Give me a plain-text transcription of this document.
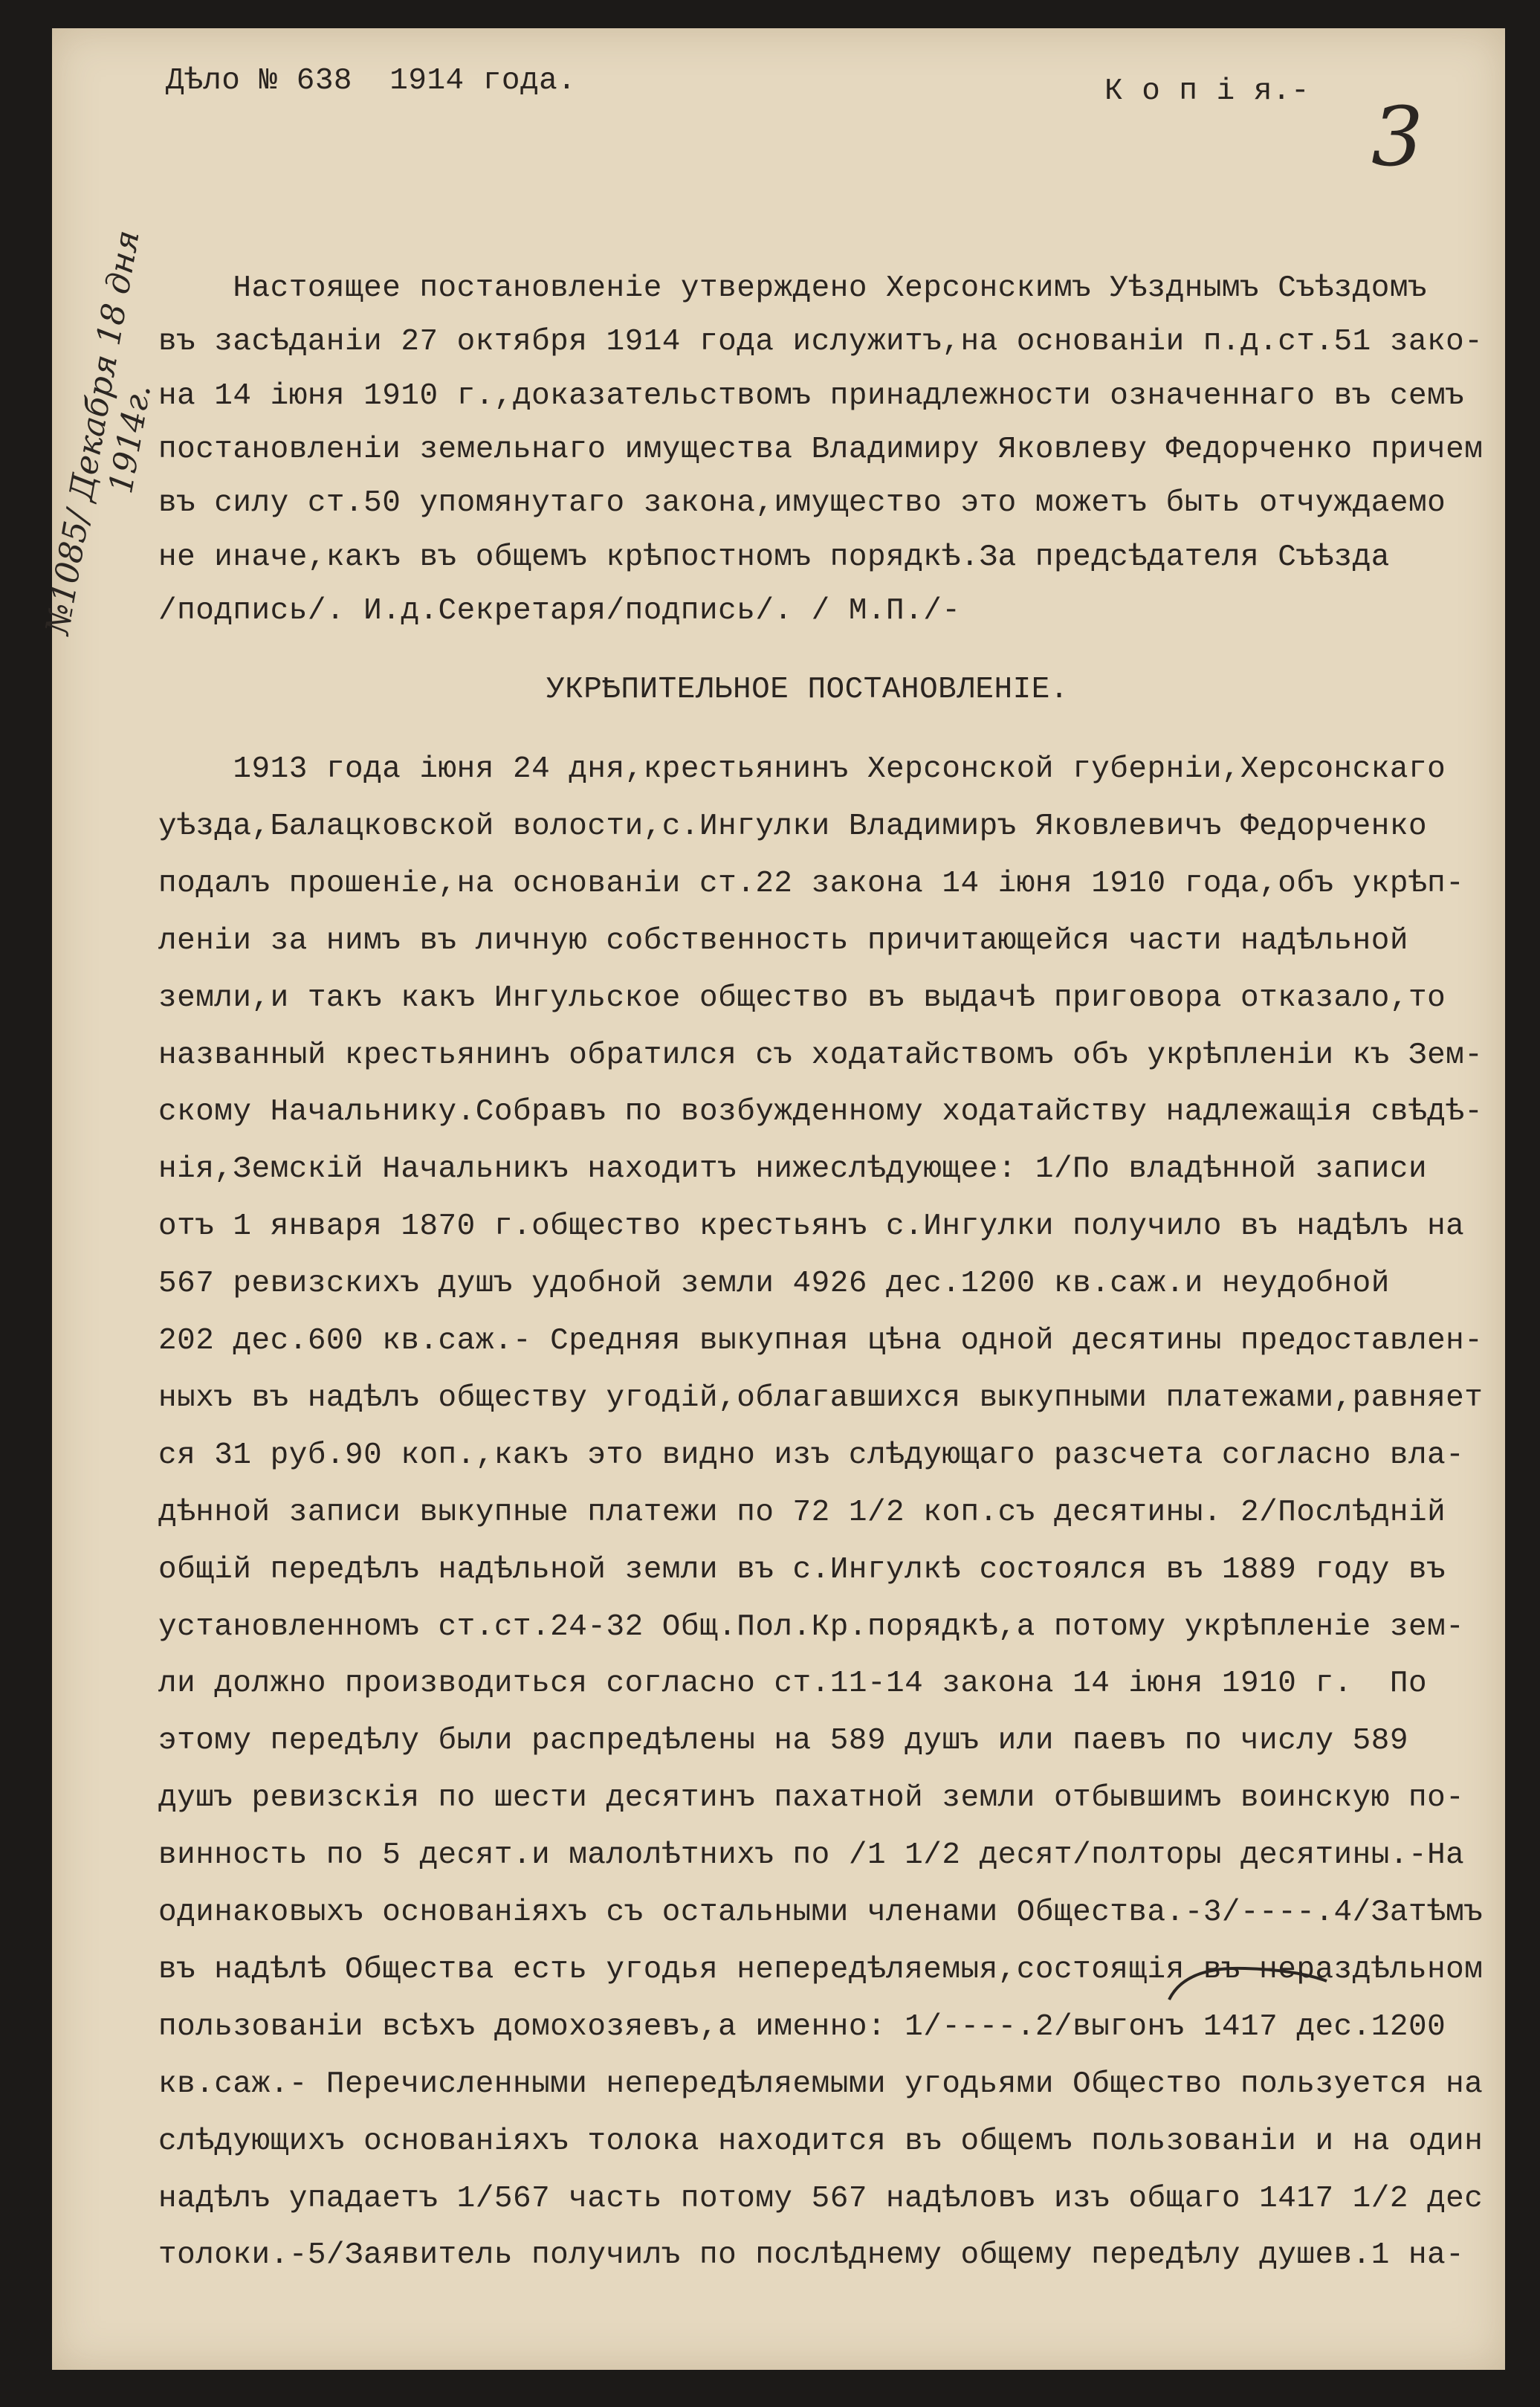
Дѣло № 638  1914 года.	К о п і я.- 3
№1085/ Декабря 18 дня 1914г.
Настоящее постановленіе утверждено Херсонскимъ Уѣзднымъ Съѣздомъ
въ засѣданіи 27 октября 1914 года ислужитъ,на основаніи п.д.ст.51 зако-
на 14 іюня 1910 г.,доказательствомъ принадлежности означеннаго въ семъ
постановленіи земельнаго имущества Владимиру Яковлеву Федорченко причем
въ силу ст.50 упомянутаго закона,имущество это можетъ быть отчуждаемо
не иначе,какъ въ общемъ крѣпостномъ порядкѣ.За предсѣдателя Съѣзда
/подпись/. И.д.Секретаря/подпись/. / М.П./-
УКРѢПИТЕЛЬНОЕ ПОСТАНОВЛЕНІЕ.
1913 года іюня 24 дня,крестьянинъ Херсонской губерніи,Херсонскаго
уѣзда,Балацковской волости,с.Ингулки Владимиръ Яковлевичъ Федорченко
подалъ прошеніе,на основаніи ст.22 закона 14 іюня 1910 года,объ укрѣп-
леніи за нимъ въ личную собственность причитающейся части надѣльной
земли,и такъ какъ Ингульское общество въ выдачѣ приговора отказало,то
названный крестьянинъ обратился съ ходатайствомъ объ укрѣпленіи къ Зем-
скому Начальнику.Собравъ по возбужденному ходатайству надлежащія свѣдѣ-
нія,Земскій Начальникъ находитъ нижеслѣдующее: 1/По владѣнной записи
отъ 1 января 1870 г.общество крестьянъ с.Ингулки получило въ надѣлъ на
567 ревизскихъ душъ удобной земли 4926 дес.1200 кв.саж.и неудобной
202 дес.600 кв.саж.- Средняя выкупная цѣна одной десятины предоставлен-
ныхъ въ надѣлъ обществу угодій,облагавшихся выкупными платежами,равняет
ся 31 руб.90 коп.,какъ это видно изъ слѣдующаго разсчета согласно вла-
дѣнной записи выкупные платежи по 72 1/2 коп.съ десятины. 2/Послѣдній
общій передѣлъ надѣльной земли въ с.Ингулкѣ состоялся въ 1889 году въ
установленномъ ст.ст.24-32 Общ.Пол.Кр.порядкѣ,а потому укрѣпленіе зем-
ли должно производиться согласно ст.11-14 закона 14 іюня 1910 г.  По
этому передѣлу были распредѣлены на 589 душъ или паевъ по числу 589
душъ ревизскія по шести десятинъ пахатной земли отбывшимъ воинскую по-
винность по 5 десят.и малолѣтнихъ по /1 1/2 десят/полторы десятины.-На
одинаковыхъ основаніяхъ съ остальными членами Общества.-3/----.4/Затѣмъ
въ надѣлѣ Общества есть угодья непередѣляемыя,состоящія въ нераздѣльном
пользованіи всѣхъ домохозяевъ,а именно: 1/----.2/выгонъ 1417 дес.1200
кв.саж.- Перечисленными непередѣляемыми угодьями Общество пользуется на
слѣдующихъ основаніяхъ толока находится въ общемъ пользованіи и на один
надѣлъ упадаетъ 1/567 часть потому 567 надѣловъ изъ общаго 1417 1/2 дес
толоки.-5/Заявитель получилъ по послѣднему общему передѣлу душев.1 на-
